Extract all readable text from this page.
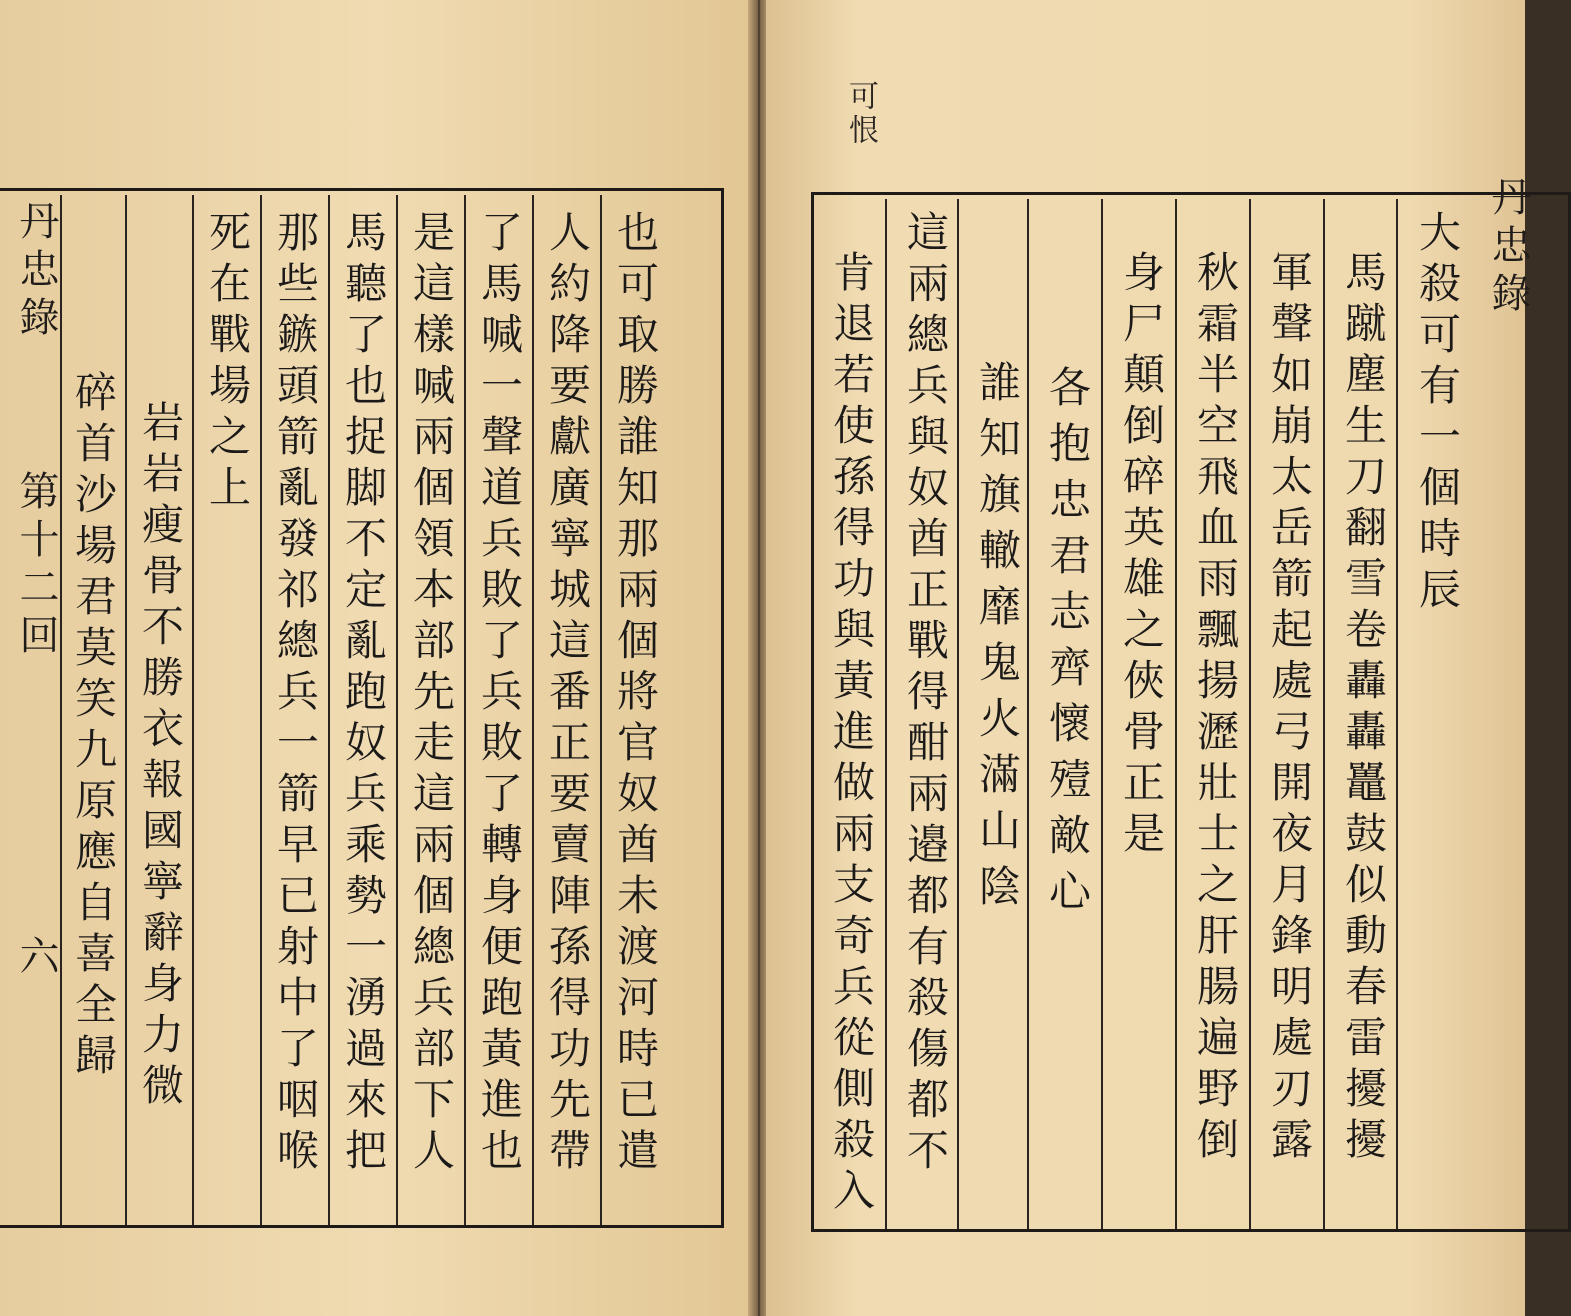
丹忠錄
第十二回
六 碎首沙場君莫笑九原應自喜全歸 岩岩瘦骨不勝衣報國寧辭身力微
死在戰場之上 那些鏃頭箭亂發祁總兵一箭早已射中了咽喉 馬聽了也捉脚不定亂跑奴兵乘勢一湧過來把 是這樣喊兩個領本部先走這兩個總兵部下人 了馬喊一聲道兵敗了兵敗了轉身便跑黃進也 人約降要獻廣寧城這番正要賣陣孫得功先帶 也可取勝誰知那兩個將官奴酋未渡河時已遣
可恨
大殺可有一個時辰
馬蹴塵生刀翻雪卷轟轟鼉鼓似動春雷擾擾
軍聲如崩太岳箭起處弓開夜月鋒明處刃露
秋霜半空飛血雨飄揚瀝壯士之肝腸遍野倒
身尸顛倒碎英雄之俠骨正是
各抱忠君志齊懷殪敵心
誰知旗轍靡鬼火滿山陰
這兩總兵與奴酋正戰得酣兩邉都有殺傷都不
肯退若使孫得功與黃進做兩支奇兵從側殺入
丹忠錄
